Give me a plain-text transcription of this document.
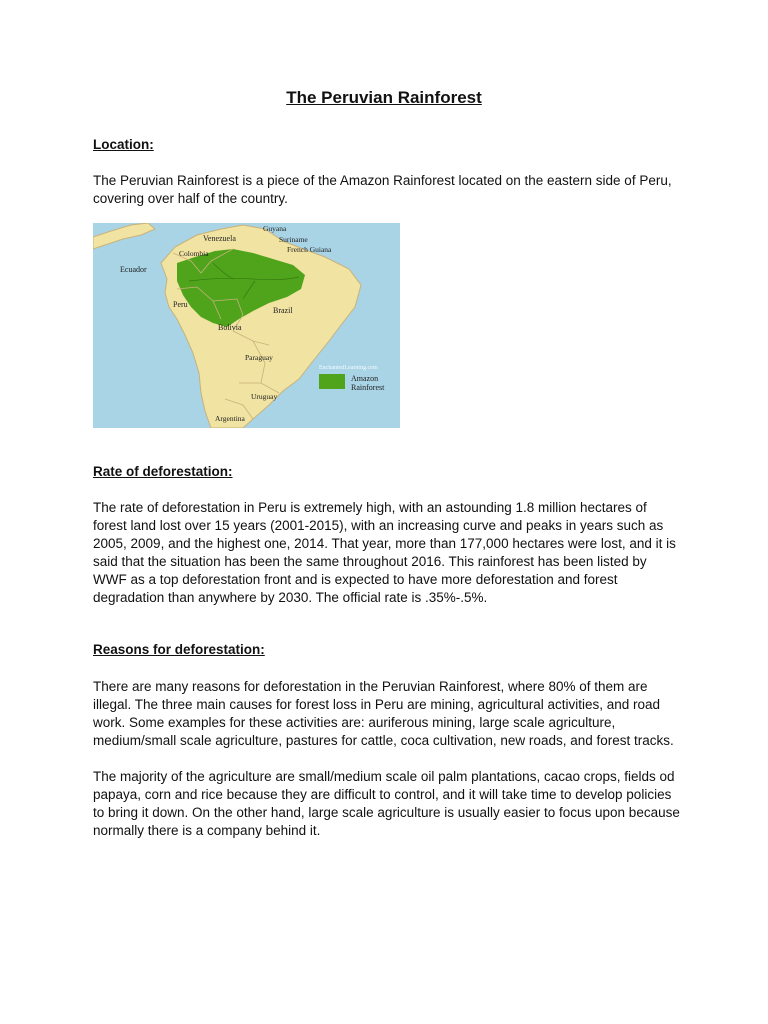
The Peruvian Rainforest
Location:

The Peruvian Rainforest is a piece of the Amazon Rainforest located on the eastern side of Peru, covering over half of the country.

Amazon
Rainforest
EnchantedLearning.com
Venezuela
Guyana
Suriname
French Guiana
Colombia
Ecuador
Peru
Brazil
Bolivia
Paraguay
Uruguay
Argentina
Rate of deforestation:

The rate of deforestation in Peru is extremely high, with an astounding 1.8 million hectares of forest land lost over 15 years (2001-2015), with an increasing curve and peaks in years such as 2005, 2009, and the highest one, 2014. That year, more than 177,000 hectares were lost, and it is said that the situation has been the same throughout 2016. This rainforest has been listed by WWF as a top deforestation front and is expected to have more deforestation and forest degradation than anywhere by 2030. The official rate is .35%-.5%.

Reasons for deforestation:

There are many reasons for deforestation in the Peruvian Rainforest, where 80% of them are illegal. The three main causes for forest loss in Peru are mining, agricultural activities, and road work. Some examples for these activities are: auriferous mining, large scale agriculture, medium/small scale agriculture, pastures for cattle, coca cultivation, new roads, and forest tracks.

The majority of the agriculture are small/medium scale oil palm plantations, cacao crops, fields od papaya, corn and rice because they are difficult to control, and it will take time to develop policies to bring it down. On the other hand, large scale agriculture is usually easier to focus upon because normally there is a company behind it.
